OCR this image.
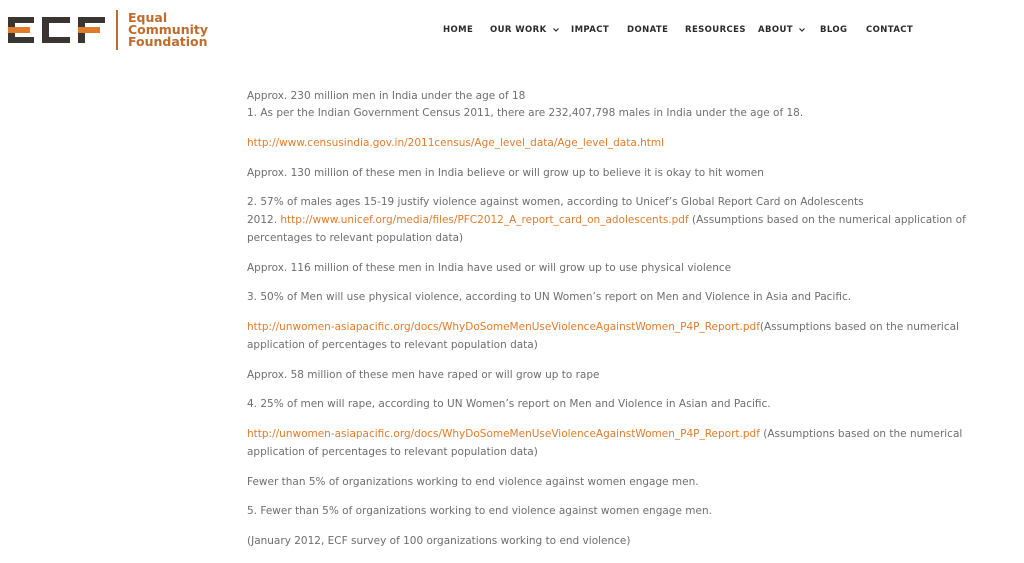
Equal
Community
Foundation
HOME OUR WORK	IMPACT DONATE RESOURCES ABOUT	BLOG CONTACT
Approx. 230 million men in India under the age of 18
1. As per the Indian Government Census 2011, there are 232,407,798 males in India under the age of 18.
http://www.censusindia.gov.in/2011census/Age_level_data/Age_level_data.html
Approx. 130 million of these men in India believe or will grow up to believe it is okay to hit women
2. 57% of males ages 15-19 justify violence against women, according to Unicef’s Global Report Card on Adolescents
2012. http://www.unicef.org/media/files/PFC2012_A_report_card_on_adolescents.pdf (Assumptions based on the numerical application of
percentages to relevant population data)
Approx. 116 million of these men in India have used or will grow up to use physical violence
3. 50% of Men will use physical violence, according to UN Women’s report on Men and Violence in Asia and Pacific.
http://unwomen-asiapacific.org/docs/WhyDoSomeMenUseViolenceAgainstWomen_P4P_Report.pdf(Assumptions based on the numerical
application of percentages to relevant population data)
Approx. 58 million of these men have raped or will grow up to rape
4. 25% of men will rape, according to UN Women’s report on Men and Violence in Asian and Pacific.
http://unwomen-asiapacific.org/docs/WhyDoSomeMenUseViolenceAgainstWomen_P4P_Report.pdf (Assumptions based on the numerical
application of percentages to relevant population data)
Fewer than 5% of organizations working to end violence against women engage men.
5. Fewer than 5% of organizations working to end violence against women engage men.
(January 2012, ECF survey of 100 organizations working to end violence)
